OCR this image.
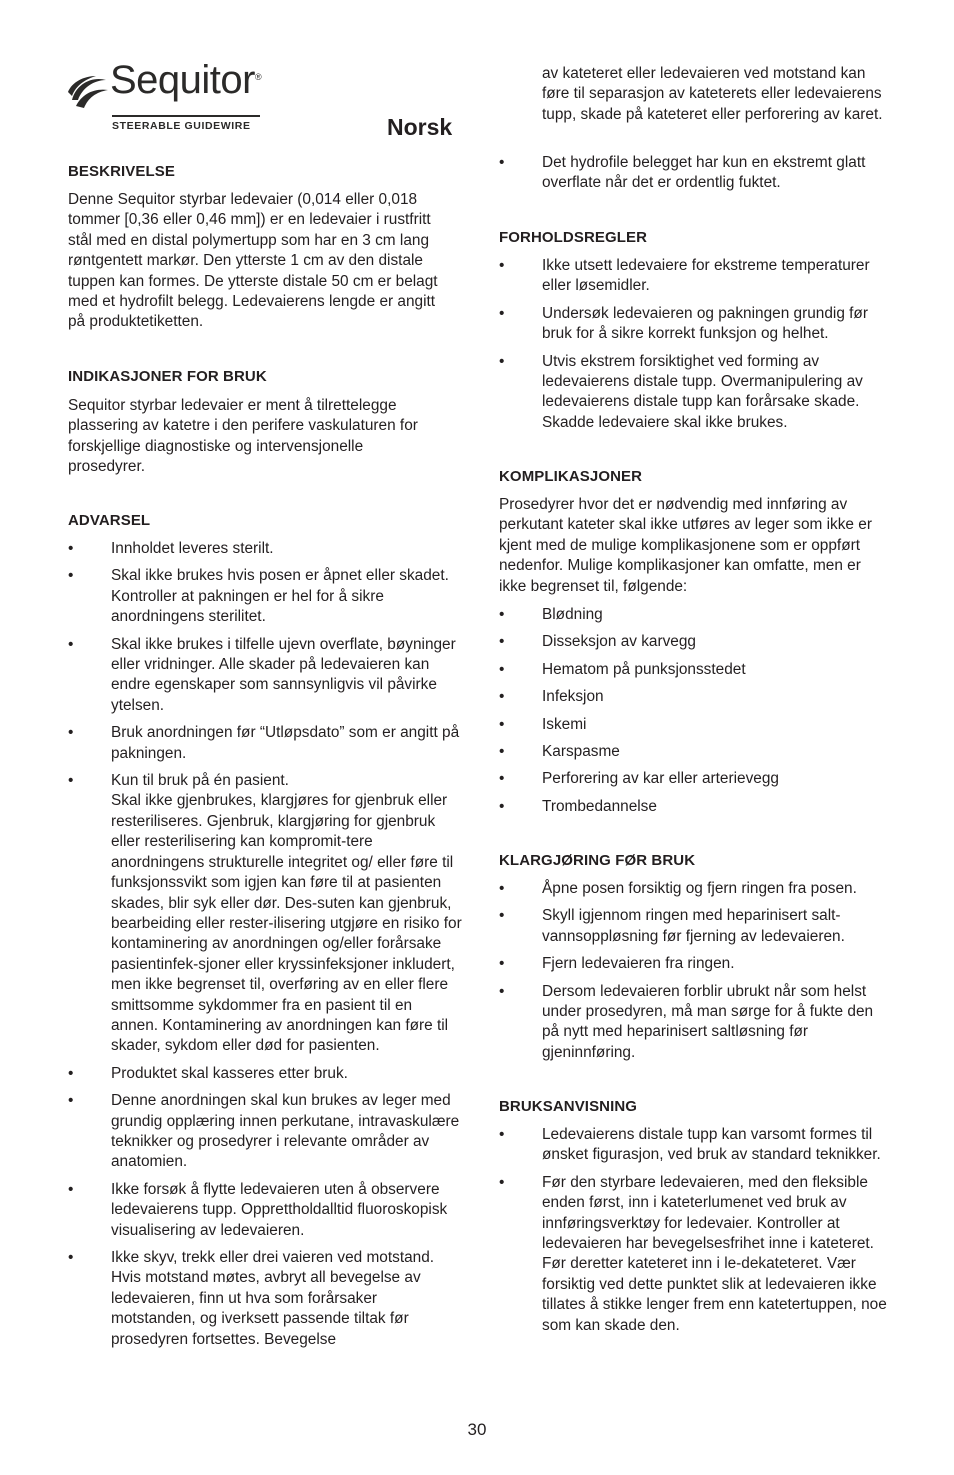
Sequitor®
STEERABLE GUIDEWIRE	Norsk
BESKRIVELSE

Denne Sequitor styrbar ledevaier (0,014 eller 0,018 tommer [0,36 eller 0,46 mm]) er en ledevaier i rustfritt stål med en distal polymertupp som har en 3 cm lang røntgentett markør. Den ytterste 1 cm av den distale tuppen kan formes. De ytterste distale 50 cm er belagt med et hydrofilt belegg. Ledevaierens lengde er angitt på produktetiketten.

INDIKASJONER FOR BRUK

Sequitor styrbar ledevaier er ment å tilrettelegge plassering av katetre i den perifere vaskulaturen for forskjellige diagnostiske og intervensjonelle prosedyrer.

ADVARSEL
• Innholdet leveres sterilt.
• Skal ikke brukes hvis posen er åpnet eller skadet. Kontroller at pakningen er hel for å sikre anordningens sterilitet.
• Skal ikke brukes i tilfelle ujevn overflate, bøyninger eller vridninger. Alle skader på ledevaieren kan endre egenskaper som sannsynligvis vil påvirke ytelsen.
• Bruk anordningen før “Utløpsdato” som er angitt på pakningen.
• Kun til bruk på én pasient.
Skal ikke gjenbrukes, klargjøres for gjenbruk eller resteriliseres. Gjenbruk, klargjøring for gjenbruk eller resterilisering kan kompromit-tere anordningens strukturelle integritet og/ eller føre til funksjonssvikt som igjen kan føre til at pasienten skades, blir syk eller dør. Des-suten kan gjenbruk, bearbeiding eller rester-ilisering utgjøre en risiko for kontaminering av anordningen og/eller forårsake pasientinfek-sjoner eller kryssinfeksjoner inkludert, men ikke begrenset til, overføring av en eller flere smittsomme sykdommer fra en pasient til en annen. Kontaminering av anordningen kan føre til skader, sykdom eller død for pasienten.
• Produktet skal kasseres etter bruk.
• Denne anordningen skal kun brukes av leger med grundig opplæring innen perkutane, intravaskulære teknikker og prosedyrer i relevante områder av anatomien.
• Ikke forsøk å flytte ledevaieren uten å observere ledevaierens tupp. Opprettholdalltid fluoroskopisk visualisering av ledevaieren.
• Ikke skyv, trekk eller drei vaieren ved motstand. Hvis motstand møtes, avbryt all bevegelse av ledevaieren, finn ut hva som forårsaker motstanden, og iverksett passende tiltak før prosedyren fortsettes. Bevegelse

av kateteret eller ledevaieren ved motstand kan føre til separasjon av kateterets eller ledevaierens tupp, skade på kateteret eller perforering av karet.

• Det hydrofile belegget har kun en ekstremt glatt overflate når det er ordentlig fuktet.
FORHOLDSREGLER
• Ikke utsett ledevaiere for ekstreme temperaturer eller løsemidler.
• Undersøk ledevaieren og pakningen grundig før bruk for å sikre korrekt funksjon og helhet.
• Utvis ekstrem forsiktighet ved forming av ledevaierens distale tupp. Overmanipulering av ledevaierens distale tupp kan forårsake skade. Skadde ledevaiere skal ikke brukes.
KOMPLIKASJONER

Prosedyrer hvor det er nødvendig med innføring av perkutant kateter skal ikke utføres av leger som ikke er kjent med de mulige komplikasjonene som er oppført nedenfor. Mulige komplikasjoner kan omfatte, men er ikke begrenset til, følgende:

• Blødning
• Disseksjon av karvegg
• Hematom på punksjonsstedet
• Infeksjon
• Iskemi
• Karspasme
• Perforering av kar eller arterievegg
• Trombedannelse
KLARGJØRING FØR BRUK
• Åpne posen forsiktig og fjern ringen fra posen.
• Skyll igjennom ringen med heparinisert salt-vannsoppløsning før fjerning av ledevaieren.
• Fjern ledevaieren fra ringen.
• Dersom ledevaieren forblir ubrukt når som helst under prosedyren, må man sørge for å fukte den på nytt med heparinisert saltløsning før gjeninnføring.
BRUKSANVISNING
• Ledevaierens distale tupp kan varsomt formes til ønsket figurasjon, ved bruk av standard teknikker.
• Før den styrbare ledevaieren, med den fleksible enden først, inn i kateterlumenet ved bruk av innføringsverktøy for ledevaier. Kontroller at ledevaieren har bevegelsesfrihet inne i kateteret. Før deretter kateteret inn i le-dekateteret. Vær forsiktig ved dette punktet slik at ledevaieren ikke tillates å stikke lenger frem enn katetertuppen, noe som kan skade den.
30
